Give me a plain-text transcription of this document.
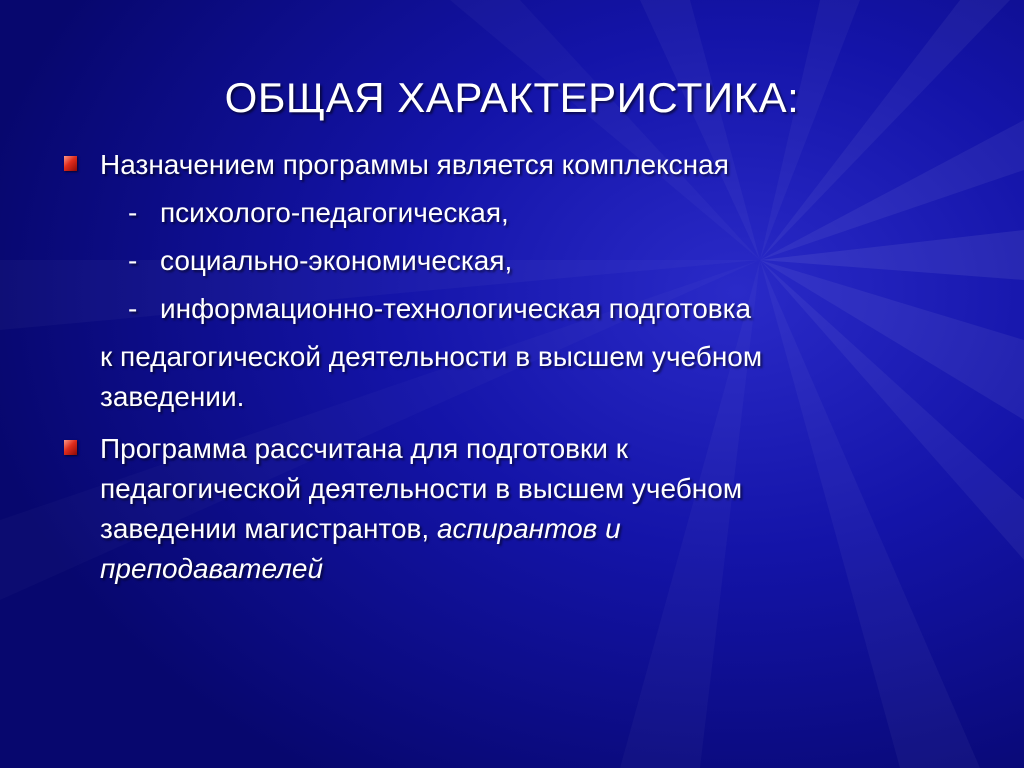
ОБЩАЯ ХАРАКТЕРИСТИКА:
Назначением программы является комплексная
- психолого-педагогическая,
- социально-экономическая,
- информационно-технологическая подготовка
к педагогической деятельности в высшем учебном
заведении.
Программа рассчитана для подготовки к
педагогической деятельности в высшем учебном
заведении магистрантов, аспирантов и
преподавателей
